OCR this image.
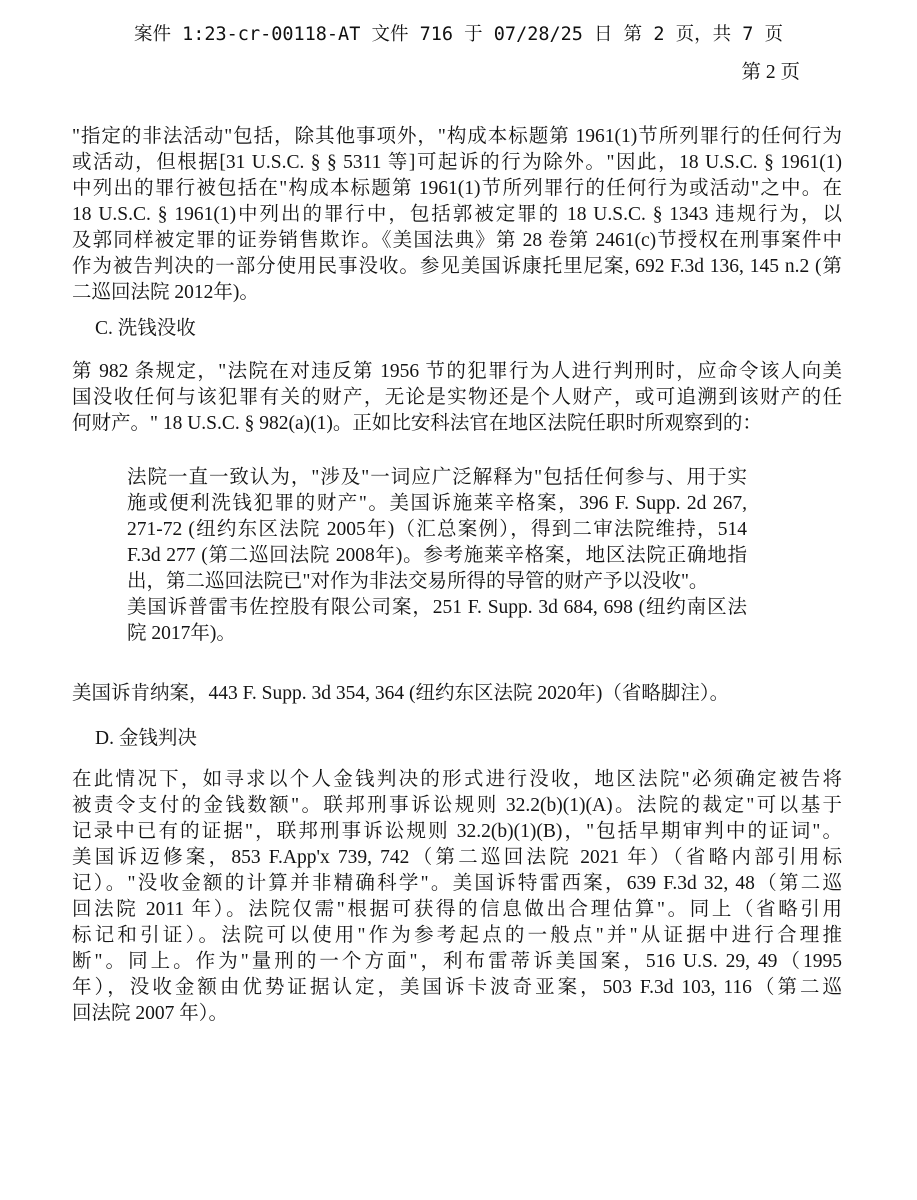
案件 1:23-cr-00118-AT 文件 716 于 07/28/25 日 第 2 页，共 7 页
第 2 页
"指定的非法活动"包括，除其他事项外，"构成本标题第 1961(1)节所列罪行的任何行为
或活动，但根据[31 U.S.C. § § 5311 等]可起诉的行为除外。"因此，18 U.S.C. § 1961(1)
中列出的罪行被包括在"构成本标题第 1961(1)节所列罪行的任何行为或活动"之中。在
18 U.S.C. § 1961(1)中列出的罪行中，包括郭被定罪的 18 U.S.C. § 1343 违规行为，以
及郭同样被定罪的证券销售欺诈。《美国法典》第 28 卷第 2461(c)节授权在刑事案件中
作为被告判决的一部分使用民事没收。参见美国诉康托里尼案, 692 F.3d 136, 145 n.2 (第
二巡回法院 2012年)。
C. 洗钱没收
第 982 条规定，"法院在对违反第 1956 节的犯罪行为人进行判刑时，应命令该人向美
国没收任何与该犯罪有关的财产，无论是实物还是个人财产，或可追溯到该财产的任
何财产。" 18 U.S.C. § 982(a)(1)。正如比安科法官在地区法院任职时所观察到的：
法院一直一致认为，"涉及"一词应广泛解释为"包括任何参与、用于实
施或便利洗钱犯罪的财产"。美国诉施莱辛格案，396 F. Supp. 2d 267,
271-72 (纽约东区法院 2005年)（汇总案例），得到二审法院维持，514
F.3d 277 (第二巡回法院 2008年)。参考施莱辛格案，地区法院正确地指
出，第二巡回法院已"对作为非法交易所得的导管的财产予以没收"。
美国诉普雷韦佐控股有限公司案，251 F. Supp. 3d 684, 698 (纽约南区法
院 2017年)。
美国诉肯纳案，443 F. Supp. 3d 354, 364 (纽约东区法院 2020年)（省略脚注）。
D. 金钱判决
在此情况下，如寻求以个人金钱判决的形式进行没收，地区法院"必须确定被告将
被责令支付的金钱数额"。联邦刑事诉讼规则 32.2(b)(1)(A)。法院的裁定"可以基于
记录中已有的证据"，联邦刑事诉讼规则 32.2(b)(1)(B)，"包括早期审判中的证词"。
美国诉迈修案，853 F.App'x 739, 742（第二巡回法院 2021 年）（省略内部引用标
记）。"没收金额的计算并非精确科学"。美国诉特雷西案，639 F.3d 32, 48（第二巡
回法院 2011 年）。法院仅需"根据可获得的信息做出合理估算"。同上（省略引用
标记和引证）。法院可以使用"作为参考起点的一般点"并"从证据中进行合理推
断"。同上。作为"量刑的一个方面"，利布雷蒂诉美国案，516 U.S. 29, 49（1995
年），没收金额由优势证据认定，美国诉卡波奇亚案，503 F.3d 103, 116（第二巡
回法院 2007 年）。
